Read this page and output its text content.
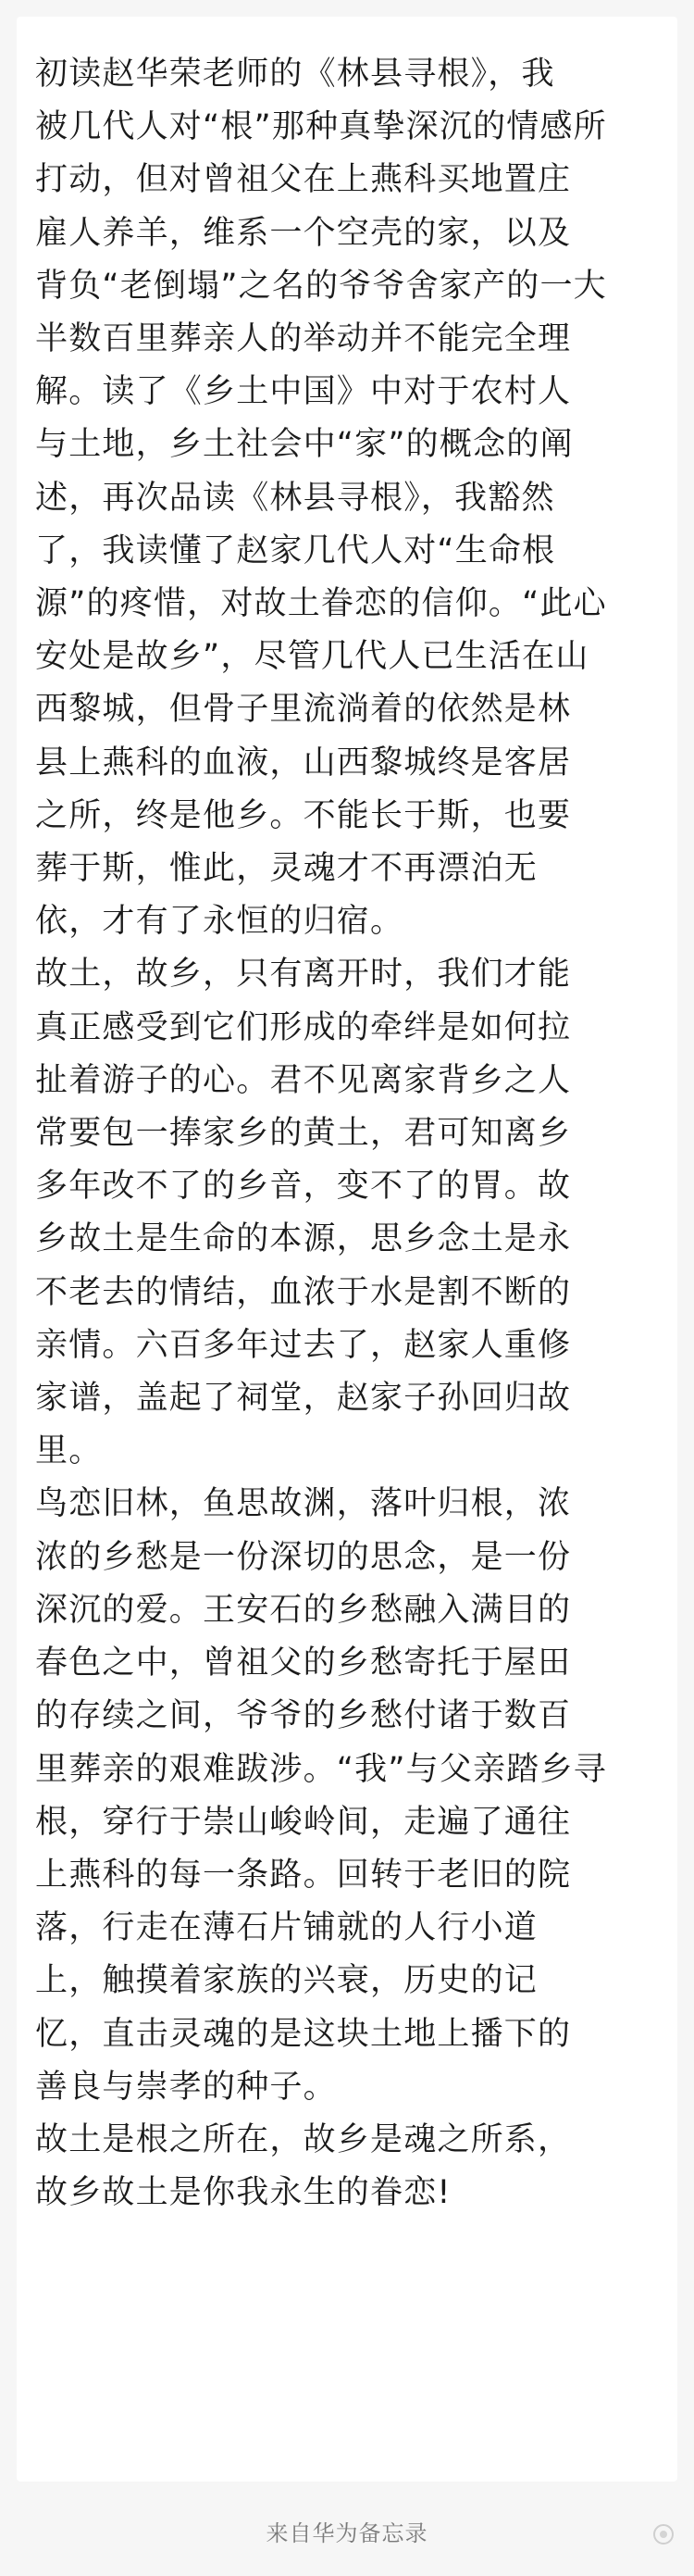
初读赵华荣老师的《林县寻根》，我
被几代人对“根”那种真挚深沉的情感所
打动，但对曾祖父在上燕科买地置庄
雇人养羊，维系一个空壳的家，以及
背负“老倒塌”之名的爷爷舍家产的一大
半数百里葬亲人的举动并不能完全理
解。读了《乡土中国》中对于农村人
与土地，乡土社会中“家”的概念的阐
述，再次品读《林县寻根》，我豁然
了，我读懂了赵家几代人对“生命根
源”的疼惜，对故土眷恋的信仰。“此心
安处是故乡”，尽管几代人已生活在山
西黎城，但骨子里流淌着的依然是林
县上燕科的血液，山西黎城终是客居
之所，终是他乡。不能长于斯，也要
葬于斯，惟此，灵魂才不再漂泊无
依，才有了永恒的归宿。

故土，故乡，只有离开时，我们才能
真正感受到它们形成的牵绊是如何拉
扯着游子的心。君不见离家背乡之人
常要包一捧家乡的黄土，君可知离乡
多年改不了的乡音，变不了的胃。故
乡故土是生命的本源，思乡念土是永
不老去的情结，血浓于水是割不断的
亲情。六百多年过去了，赵家人重修
家谱，盖起了祠堂，赵家子孙回归故
里。

鸟恋旧林，鱼思故渊，落叶归根，浓
浓的乡愁是一份深切的思念，是一份
深沉的爱。王安石的乡愁融入满目的
春色之中，曾祖父的乡愁寄托于屋田
的存续之间，爷爷的乡愁付诸于数百
里葬亲的艰难跋涉。“我”与父亲踏乡寻
根，穿行于崇山峻岭间，走遍了通往
上燕科的每一条路。回转于老旧的院
落，行走在薄石片铺就的人行小道
上，触摸着家族的兴衰，历史的记
忆，直击灵魂的是这块土地上播下的
善良与崇孝的种子。

故土是根之所在，故乡是魂之所系，
故乡故土是你我永生的眷恋!

来自华为备忘录
